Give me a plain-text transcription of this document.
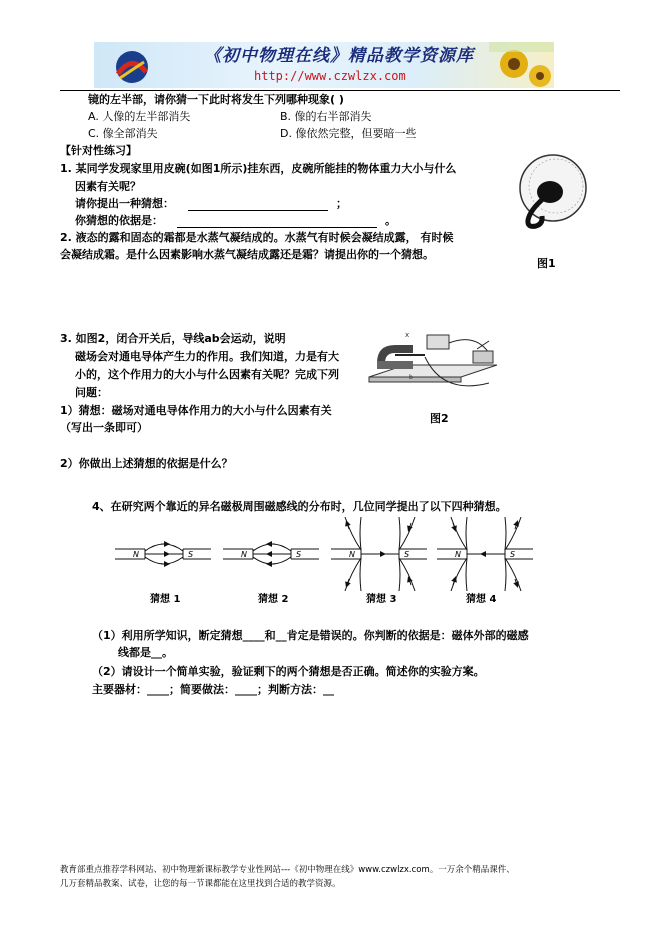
《初中物理在线》精品教学资源库
http://www.czwlzx.com
镜的左半部，请你猜一下此时将发生下列哪种现象( )
A. 人像的左半部消失	B. 像的右半部消失
C. 像全部消失	D. 像依然完整，但要暗一些
【针对性练习】
1. 某同学发现家里用皮碗(如图1所示)挂东西，皮碗所能挂的物体重力大小与什么
因素有关呢？
请你提出一种猜想：	；
你猜想的依据是：	。
图1
2. 液态的露和固态的霜都是水蒸气凝结成的。水蒸气有时候会凝结成露， 有时候
会凝结成霜。是什么因素影响水蒸气凝结成露还是霜？请提出你的一个猜想。
3. 如图2，闭合开关后，导线ab会运动，说明
磁场会对通电导体产生力的作用。我们知道，力是有大
小的，这个作用力的大小与什么因素有关呢？完成下列
问题：
1）猜想：磁场对通电导体作用力的大小与什么因素有关
（写出一条即可）
2）你做出上述猜想的依据是什么？
x
b
图2
4、在研究两个靠近的异名磁极周围磁感线的分布时，几位同学提出了以下四种猜想。
N	S	N	S	N	S	N	S
猜想 1	猜想 2	猜想 3	猜想 4
（1）利用所学知识，断定猜想____和__肯定是错误的。你判断的依据是：磁体外部的磁感
线都是__。
（2）请设计一个简单实验，验证剩下的两个猜想是否正确。简述你的实验方案。
主要器材：____；简要做法：____；判断方法：__
教育部重点推荐学科网站、初中物理新课标教学专业性网站---《初中物理在线》www.czwlzx.com。一万余个精品课件、
几万套精品教案、试卷，让您的每一节课都能在这里找到合适的教学资源。
